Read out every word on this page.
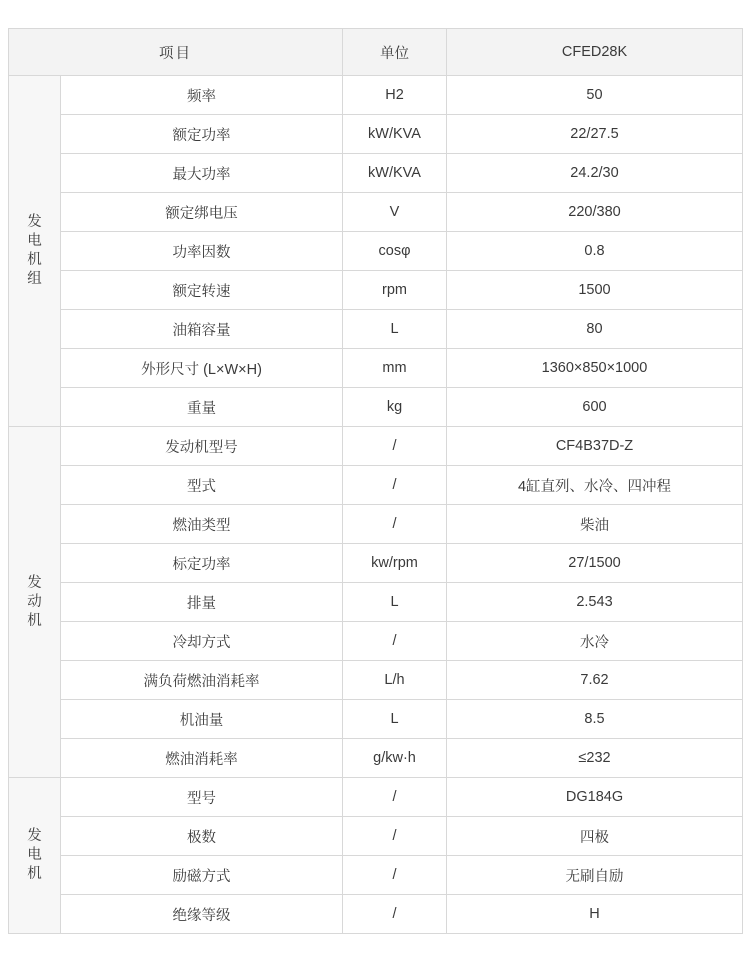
项目		单位	CFED28K

发电机组	频率	H2	50
	额定功率	kW/KVA	22/27.5
	最大功率	kW/KVA	24.2/30
	额定绑电压	V	220/380
	功率因数	cosφ	0.8
	额定转速	rpm	1500
	油箱容量	L	80
	外形尺寸 (L×W×H)	mm	1360×850×1000
	重量	kg	600

发动机	发动机型号	/	CF4B37D-Z
	型式	/	4缸直列、水冷、四冲程
	燃油类型	/	柴油
	标定功率	kw/rpm	27/1500
	排量	L	2.543
	冷却方式	/	水冷
	满负荷燃油消耗率	L/h	7.62
	机油量	L	8.5
	燃油消耗率	g/kw·h	≤232

发电机	型号	/	DG184G
	极数	/	四极
	励磁方式	/	无刷自励
	绝缘等级	/	H
